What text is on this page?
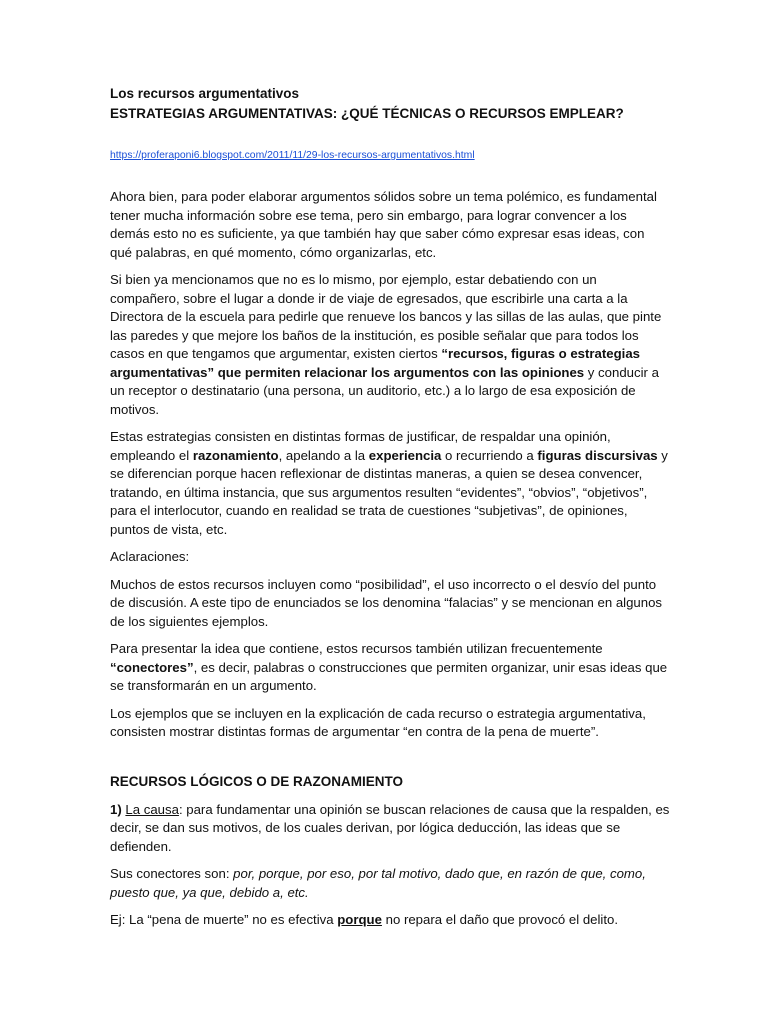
Los recursos argumentativos
ESTRATEGIAS ARGUMENTATIVAS: ¿QUÉ TÉCNICAS O RECURSOS EMPLEAR?
https://proferaponi6.blogspot.com/2011/11/29-los-recursos-argumentativos.html

Ahora bien, para poder elaborar argumentos sólidos sobre un tema polémico, es fundamental tener mucha información sobre ese tema, pero sin embargo, para lograr convencer a los demás esto no es suficiente, ya que también hay que saber cómo expresar esas ideas, con qué palabras, en qué momento, cómo organizarlas, etc.

Si bien ya mencionamos que no es lo mismo, por ejemplo, estar debatiendo con un compañero, sobre el lugar a donde ir de viaje de egresados, que escribirle una carta a la Directora de la escuela para pedirle que renueve los bancos y las sillas de las aulas, que pinte las paredes y que mejore los baños de la institución, es posible señalar que para todos los casos en que tengamos que argumentar, existen ciertos “recursos, figuras o estrategias argumentativas” que permiten relacionar los argumentos con las opiniones y conducir a un receptor o destinatario (una persona, un auditorio, etc.) a lo largo de esa exposición de motivos.

Estas estrategias consisten en distintas formas de justificar, de respaldar una opinión, empleando el razonamiento, apelando a la experiencia o recurriendo a figuras discursivas y se diferencian porque hacen reflexionar de distintas maneras, a quien se desea convencer, tratando, en última instancia, que sus argumentos resulten “evidentes”, “obvios”, “objetivos”, para el interlocutor, cuando en realidad se trata de cuestiones “subjetivas”, de opiniones, puntos de vista, etc.

Aclaraciones:

Muchos de estos recursos incluyen como “posibilidad”, el uso incorrecto o el desvío del punto de discusión. A este tipo de enunciados se los denomina “falacias” y se mencionan en algunos de los siguientes ejemplos.

Para presentar la idea que contiene, estos recursos también utilizan frecuentemente “conectores”, es decir, palabras o construcciones que permiten organizar, unir esas ideas que se transformarán en un argumento.

Los ejemplos que se incluyen en la explicación de cada recurso o estrategia argumentativa, consisten mostrar distintas formas de argumentar “en contra de la pena de muerte”.

RECURSOS LÓGICOS O DE RAZONAMIENTO

1) La causa: para fundamentar una opinión se buscan relaciones de causa que la respalden, es decir, se dan sus motivos, de los cuales derivan, por lógica deducción, las ideas que se defienden.

Sus conectores son: por, porque, por eso, por tal motivo, dado que, en razón de que, como, puesto que, ya que, debido a, etc.

Ej: La “pena de muerte” no es efectiva porque no repara el daño que provocó el delito.
